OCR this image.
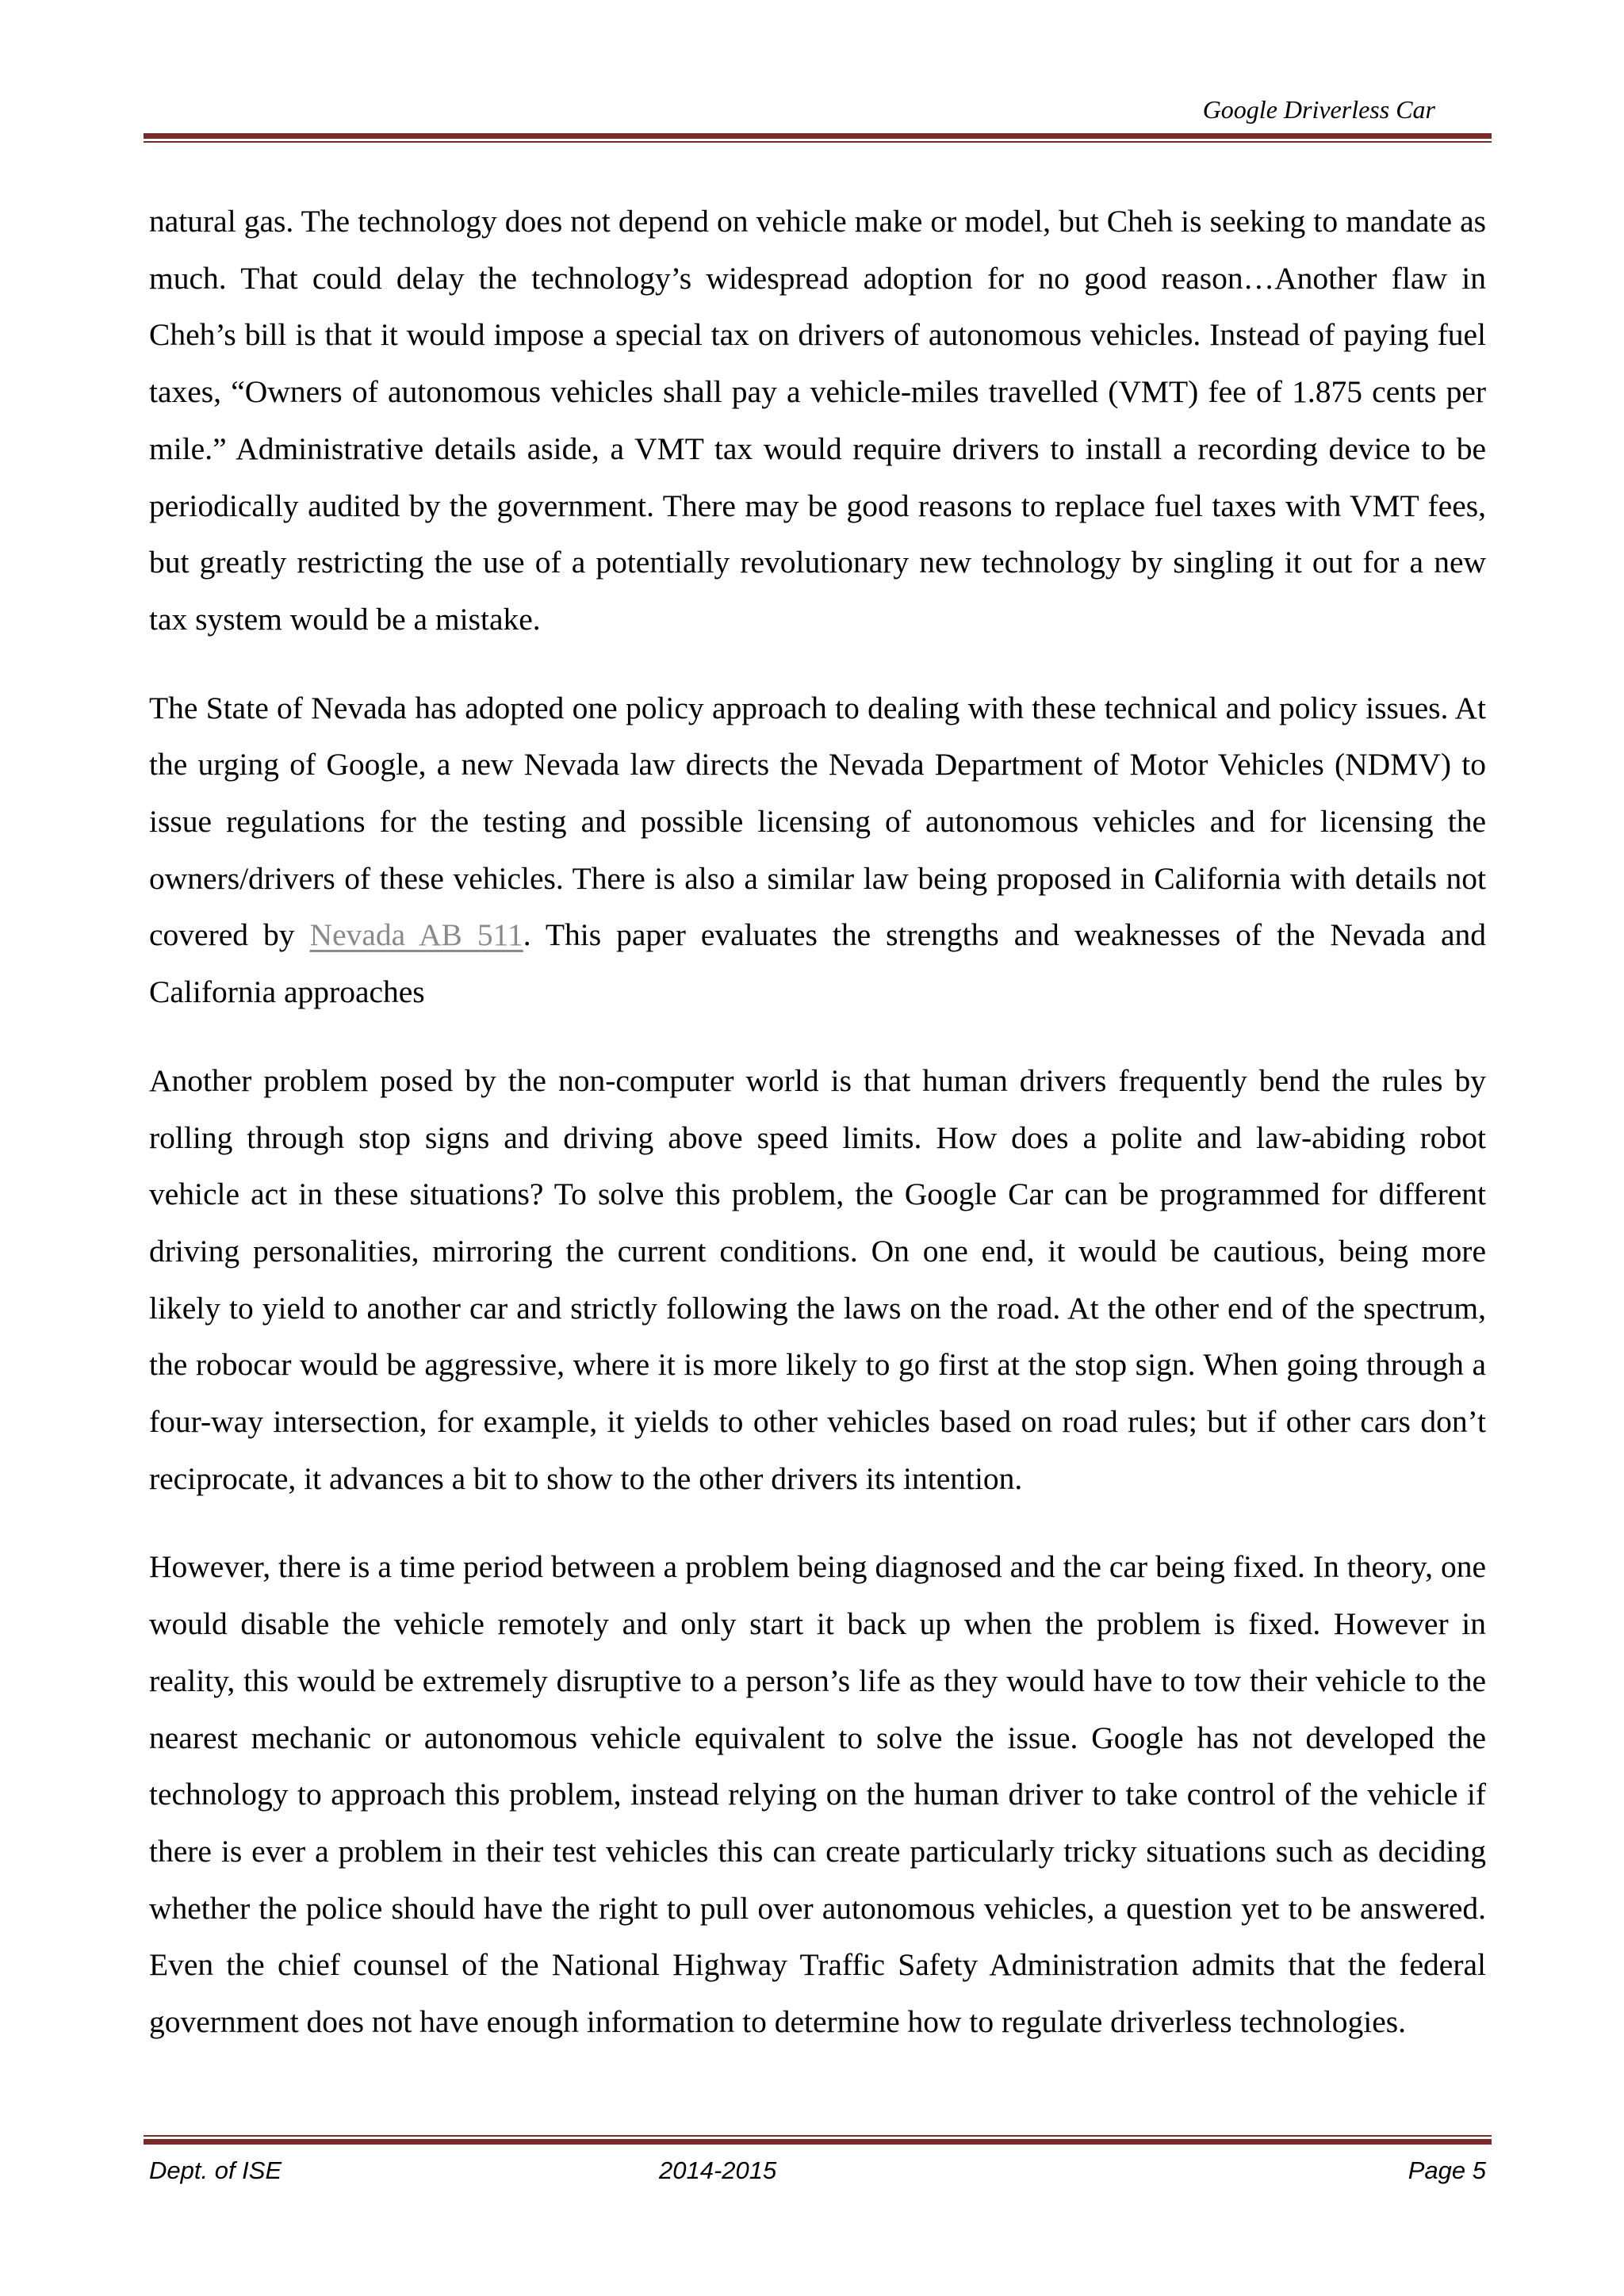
Google Driverless Car

natural gas. The technology does not depend on vehicle make or model, but Cheh is seeking to mandate as much. That could delay the technology’s widespread adoption for no good reason…Another flaw in Cheh’s bill is that it would impose a special tax on drivers of autonomous vehicles. Instead of paying fuel taxes, “Owners of autonomous vehicles shall pay a vehicle-miles travelled (VMT) fee of 1.875 cents per mile.” Administrative details aside, a VMT tax would require drivers to install a recording device to be periodically audited by the government. There may be good reasons to replace fuel taxes with VMT fees, but greatly restricting the use of a potentially revolutionary new technology by singling it out for a new tax system would be a mistake.

The State of Nevada has adopted one policy approach to dealing with these technical and policy issues. At the urging of Google, a new Nevada law directs the Nevada Department of Motor Vehicles (NDMV) to issue regulations for the testing and possible licensing of autonomous vehicles and for licensing the owners/drivers of these vehicles. There is also a similar law being proposed in California with details not covered by Nevada AB 511. This paper evaluates the strengths and weaknesses of the Nevada and California approaches

Another problem posed by the non-computer world is that human drivers frequently bend the rules by rolling through stop signs and driving above speed limits. How does a polite and law-abiding robot vehicle act in these situations? To solve this problem, the Google Car can be programmed for different driving personalities, mirroring the current conditions. On one end, it would be cautious, being more likely to yield to another car and strictly following the laws on the road. At the other end of the spectrum, the robocar would be aggressive, where it is more likely to go first at the stop sign. When going through a four-way intersection, for example, it yields to other vehicles based on road rules; but if other cars don’t reciprocate, it advances a bit to show to the other drivers its intention.

However, there is a time period between a problem being diagnosed and the car being fixed. In theory, one would disable the vehicle remotely and only start it back up when the problem is fixed. However in reality, this would be extremely disruptive to a person’s life as they would have to tow their vehicle to the nearest mechanic or autonomous vehicle equivalent to solve the issue. Google has not developed the technology to approach this problem, instead relying on the human driver to take control of the vehicle if there is ever a problem in their test vehicles this can create particularly tricky situations such as deciding whether the police should have the right to pull over autonomous vehicles, a question yet to be answered. Even the chief counsel of the National Highway Traffic Safety Administration admits that the federal government does not have enough information to determine how to regulate driverless technologies.

Dept. of ISE	2014-2015	Page 5
